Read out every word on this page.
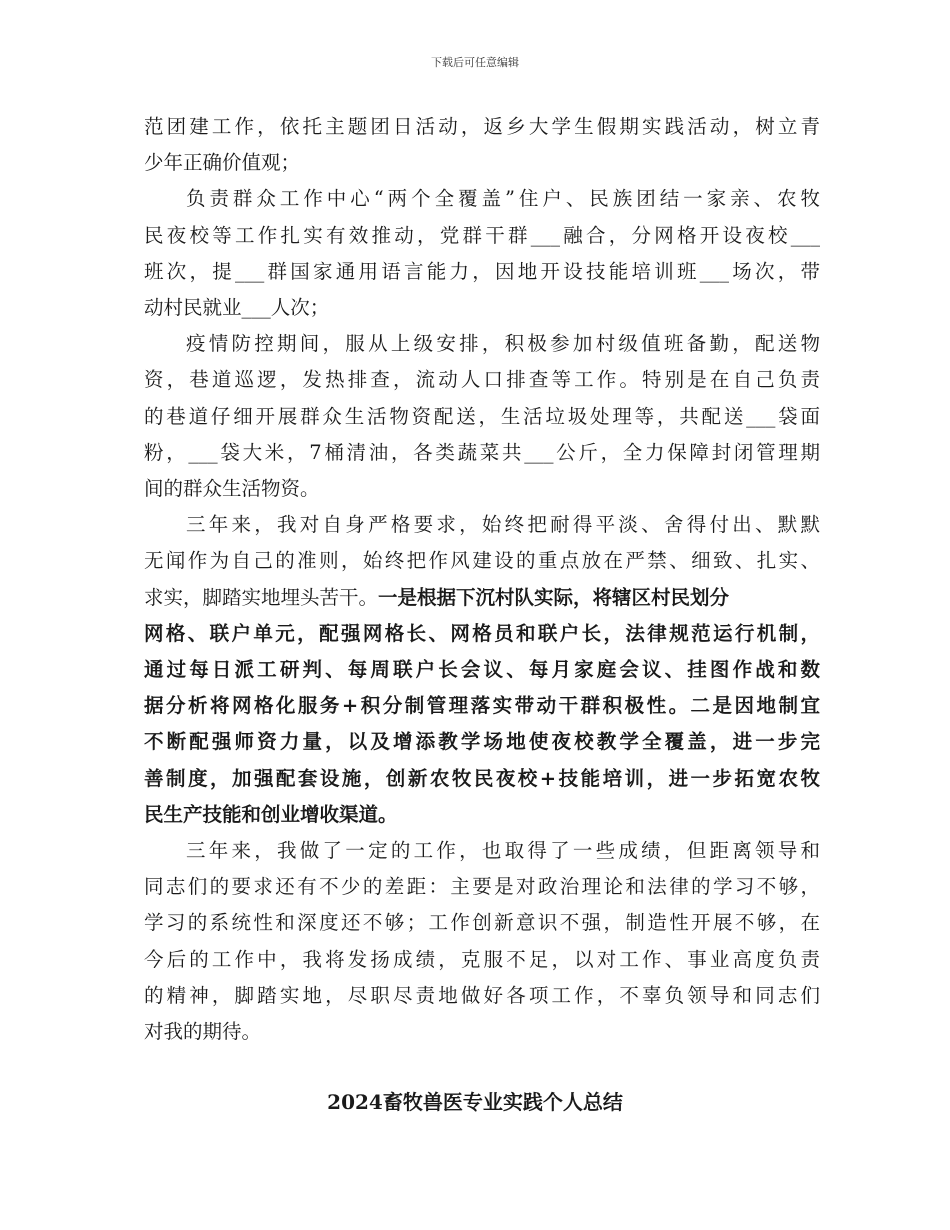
下载后可任意编辑
范团建工作，依托主题团日活动，返乡大学生假期实践活动，树立青
少年正确价值观；
负责群众工作中心“两个全覆盖”住户、民族团结一家亲、农牧
民夜校等工作扎实有效推动，党群干群___融合，分网格开设夜校___
班次，提___群国家通用语言能力，因地开设技能培训班___场次，带
动村民就业___人次；
疫情防控期间，服从上级安排，积极参加村级值班备勤，配送物
资，巷道巡逻，发热排查，流动人口排查等工作。特别是在自己负责
的巷道仔细开展群众生活物资配送，生活垃圾处理等，共配送___袋面
粉，___袋大米，7桶清油，各类蔬菜共___公斤，全力保障封闭管理期
间的群众生活物资。
三年来，我对自身严格要求，始终把耐得平淡、舍得付出、默默
无闻作为自己的准则，始终把作风建设的重点放在严禁、细致、扎实、
求实，脚踏实地埋头苦干。一是根据下沉村队实际，将辖区村民划分
网格、联户单元，配强网格长、网格员和联户长，法律规范运行机制，
通过每日派工研判、每周联户长会议、每月家庭会议、挂图作战和数
据分析将网格化服务+积分制管理落实带动干群积极性。二是因地制宜
不断配强师资力量，以及增添教学场地使夜校教学全覆盖，进一步完
善制度，加强配套设施，创新农牧民夜校+技能培训，进一步拓宽农牧
民生产技能和创业增收渠道。
三年来，我做了一定的工作，也取得了一些成绩，但距离领导和
同志们的要求还有不少的差距：主要是对政治理论和法律的学习不够，
学习的系统性和深度还不够；工作创新意识不强，制造性开展不够，在
今后的工作中，我将发扬成绩，克服不足，以对工作、事业高度负责
的精神，脚踏实地，尽职尽责地做好各项工作，不辜负领导和同志们
对我的期待。
2024畜牧兽医专业实践个人总结
